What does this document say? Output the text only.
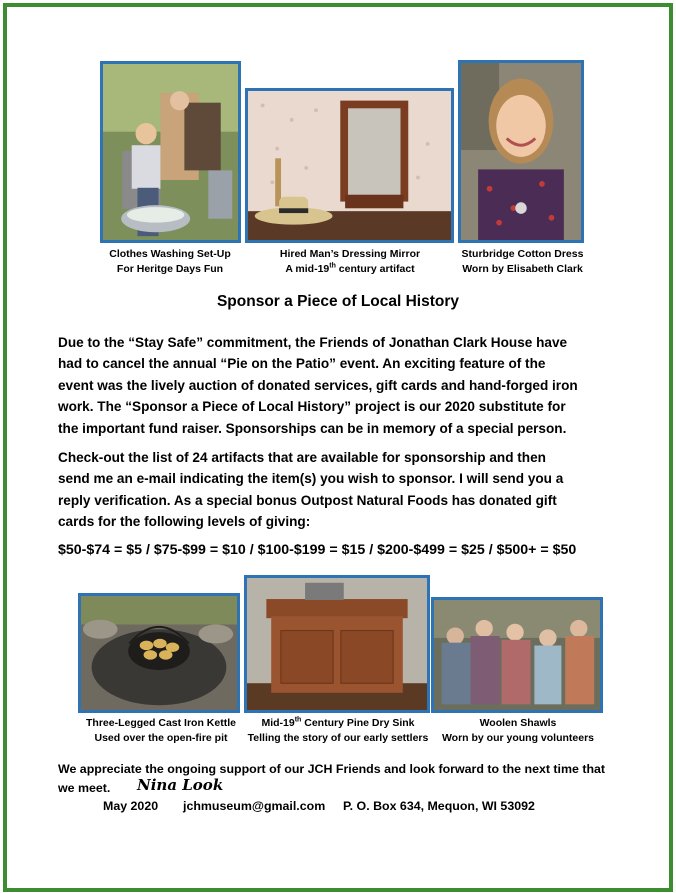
Clothes Washing Set-Up
For Heritge Days Fun
Hired Man’s Dressing Mirror
A mid-19th century artifact
Sturbridge Cotton Dress
Worn by Elisabeth Clark
Sponsor a Piece of Local History
Due to the “Stay Safe” commitment, the Friends of Jonathan Clark House have
had to cancel the annual “Pie on the Patio” event. An exciting feature of the
event was the lively auction of donated services, gift cards and hand-forged iron
work. The “Sponsor a Piece of Local History” project is our 2020 substitute for
the important fund raiser. Sponsorships can be in memory of a special person.
Check-out the list of 24 artifacts that are available for sponsorship and then
send me an e-mail indicating the item(s) you wish to sponsor. I will send you a
reply verification. As a special bonus Outpost Natural Foods has donated gift
cards for the following levels of giving:
$50-$74 = $5 / $75-$99 = $10 / $100-$199 = $15 / $200-$499 = $25 / $500+ = $50
Three-Legged Cast Iron Kettle
Used over the open-fire pit
Mid-19th Century Pine Dry Sink
Telling the story of our early settlers
Woolen Shawls
Worn by our young volunteers
We appreciate the ongoing support of our JCH Friends and look forward to the next time that
we meet.	Nina Look
May 2020 jchmuseum@gmail.com P. O. Box 634, Mequon, WI 53092
